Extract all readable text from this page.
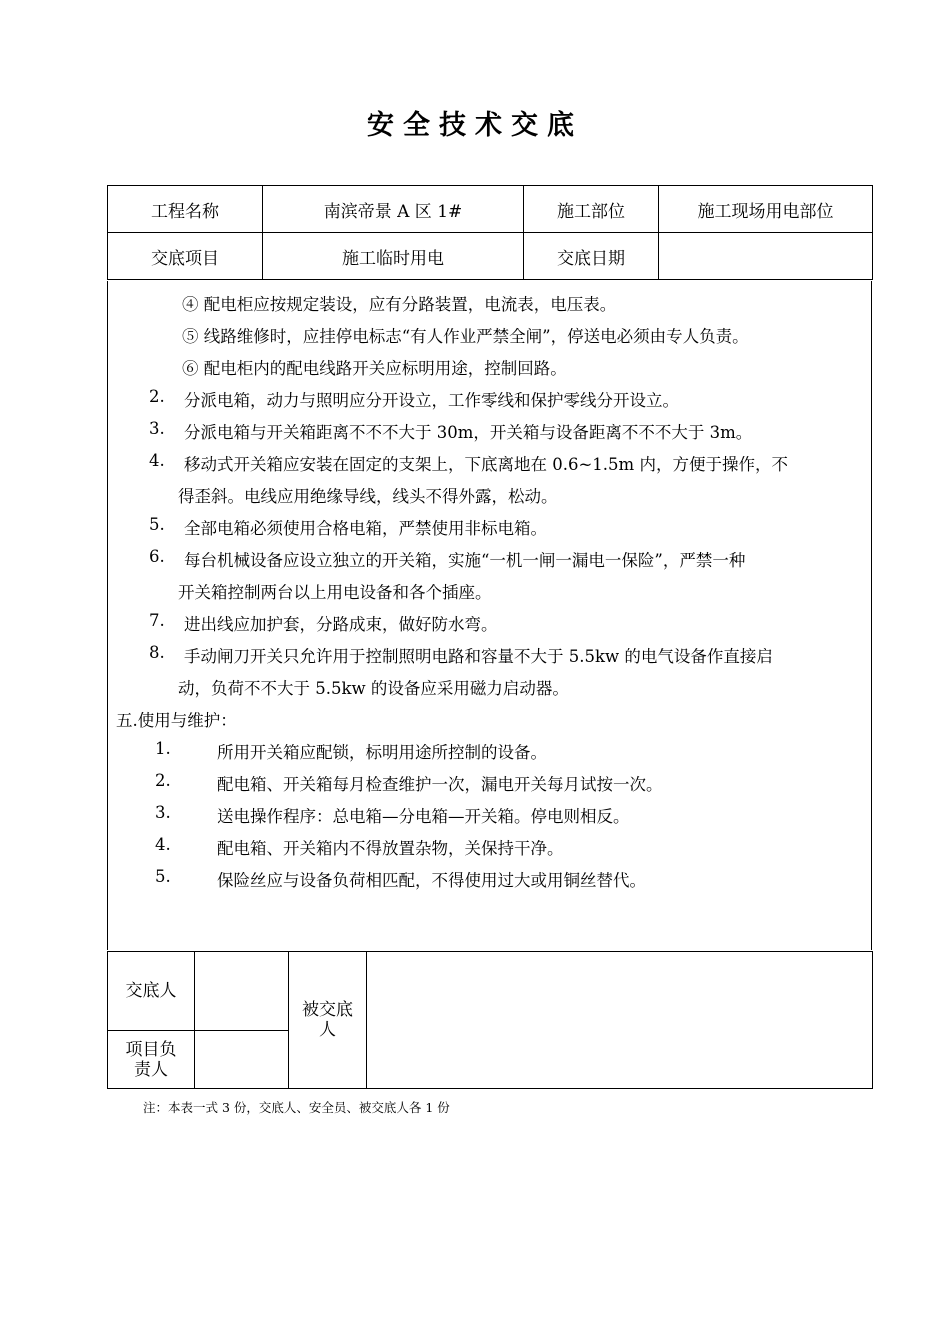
安全技术交底
工程名称	南滨帝景 A 区 1#	施工部位	施工现场用电部位
交底项目	施工临时用电	交底日期	
④ 配电柜应按规定装设，应有分路装置，电流表，电压表。
⑤ 线路维修时，应挂停电标志“有人作业严禁全闸”，停送电必须由专人负责。
⑥ 配电柜内的配电线路开关应标明用途，控制回路。
2. 分派电箱，动力与照明应分开设立，工作零线和保护零线分开设立。
3. 分派电箱与开关箱距离不不不大于 30m，开关箱与设备距离不不不大于 3m。
4. 移动式开关箱应安装在固定的支架上，下底离地在 0.6~1.5m 内，方便于操作，不
得歪斜。电线应用绝缘导线，线头不得外露，松动。
5. 全部电箱必须使用合格电箱，严禁使用非标电箱。
6. 每台机械设备应设立独立的开关箱，实施“一机一闸一漏电一保险”，严禁一种
开关箱控制两台以上用电设备和各个插座。
7. 进出线应加护套，分路成束，做好防水弯。
8. 手动闸刀开关只允许用于控制照明电路和容量不大于 5.5kw 的电气设备作直接启
动，负荷不不大于 5.5kw 的设备应采用磁力启动器。
五.使用与维护：
1.	所用开关箱应配锁，标明用途所控制的设备。
2.	配电箱、开关箱每月检查维护一次，漏电开关每月试按一次。
3.	送电操作程序：总电箱—分电箱—开关箱。停电则相反。
4.	配电箱、开关箱内不得放置杂物，关保持干净。
5.	保险丝应与设备负荷相匹配，不得使用过大或用铜丝替代。
交底人		被交底
人	

项目负
责人			

注：本表一式 3 份，交底人、安全员、被交底人各 1 份
